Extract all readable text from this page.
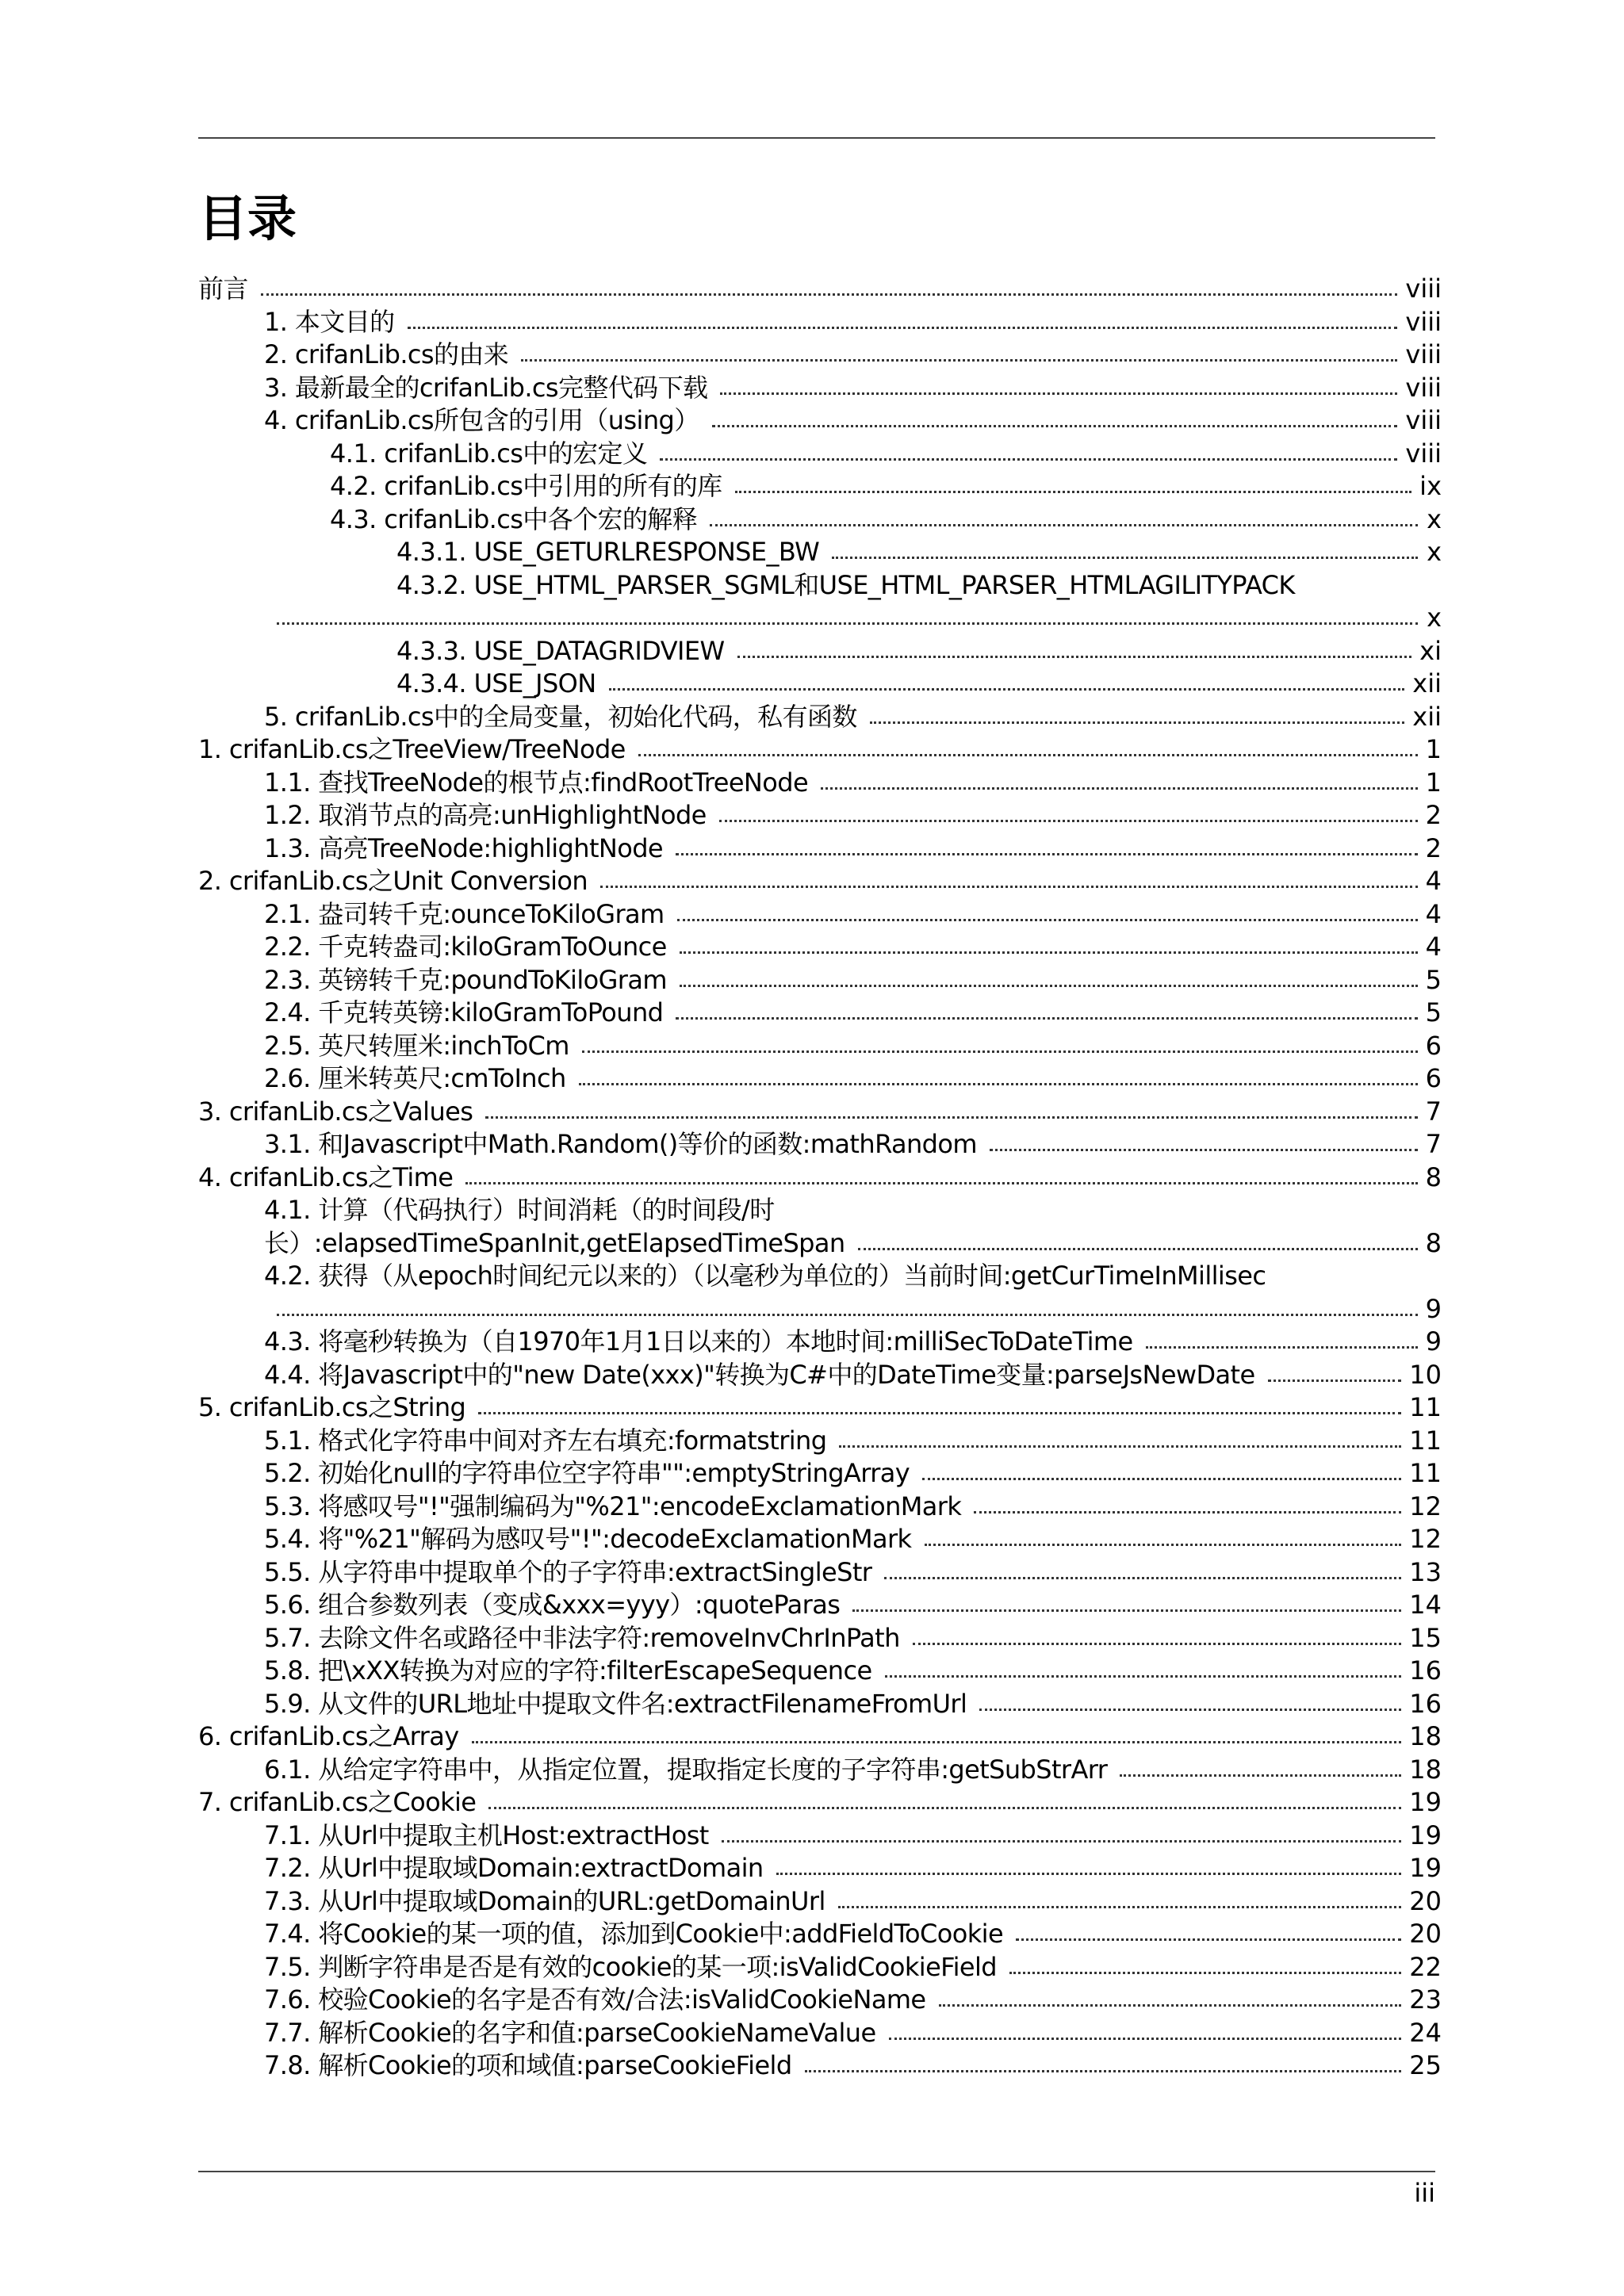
目录
前言	viii
1. 本文目的	viii
2. crifanLib.cs的由来	viii
3. 最新最全的crifanLib.cs完整代码下载	viii
4. crifanLib.cs所包含的引用（using）	viii
4.1. crifanLib.cs中的宏定义	viii
4.2. crifanLib.cs中引用的所有的库	ix
4.3. crifanLib.cs中各个宏的解释	x
4.3.1. USE_GETURLRESPONSE_BW	x
4.3.2. USE_HTML_PARSER_SGML和USE_HTML_PARSER_HTMLAGILITYPACK
x
4.3.3. USE_DATAGRIDVIEW	xi
4.3.4. USE_JSON	xii
5. crifanLib.cs中的全局变量，初始化代码，私有函数	xii
1. crifanLib.cs之TreeView/TreeNode	1
1.1. 查找TreeNode的根节点:findRootTreeNode	1
1.2. 取消节点的高亮:unHighlightNode	2
1.3. 高亮TreeNode:highlightNode	2
2. crifanLib.cs之Unit Conversion	4
2.1. 盎司转千克:ounceToKiloGram	4
2.2. 千克转盎司:kiloGramToOunce	4
2.3. 英镑转千克:poundToKiloGram	5
2.4. 千克转英镑:kiloGramToPound	5
2.5. 英尺转厘米:inchToCm	6
2.6. 厘米转英尺:cmToInch	6
3. crifanLib.cs之Values	7
3.1. 和Javascript中Math.Random()等价的函数:mathRandom	7
4. crifanLib.cs之Time	8
4.1. 计算（代码执行）时间消耗（的时间段/时
长）:elapsedTimeSpanInit,getElapsedTimeSpan	8
4.2. 获得（从epoch时间纪元以来的）（以毫秒为单位的）当前时间:getCurTimeInMillisec
9
4.3. 将毫秒转换为（自1970年1月1日以来的）本地时间:milliSecToDateTime	9
4.4. 将Javascript中的"new Date(xxx)"转换为C#中的DateTime变量:parseJsNewDate	10
5. crifanLib.cs之String	11
5.1. 格式化字符串中间对齐左右填充:formatstring	11
5.2. 初始化null的字符串位空字符串"":emptyStringArray	11
5.3. 将感叹号"!"强制编码为"%21":encodeExclamationMark	12
5.4. 将"%21"解码为感叹号"!":decodeExclamationMark	12
5.5. 从字符串中提取单个的子字符串:extractSingleStr	13
5.6. 组合参数列表（变成&xxx=yyy）:quoteParas	14
5.7. 去除文件名或路径中非法字符:removeInvChrInPath	15
5.8. 把\xXX转换为对应的字符:filterEscapeSequence	16
5.9. 从文件的URL地址中提取文件名:extractFilenameFromUrl	16
6. crifanLib.cs之Array	18
6.1. 从给定字符串中，从指定位置，提取指定长度的子字符串:getSubStrArr	18
7. crifanLib.cs之Cookie	19
7.1. 从Url中提取主机Host:extractHost	19
7.2. 从Url中提取域Domain:extractDomain	19
7.3. 从Url中提取域Domain的URL:getDomainUrl	20
7.4. 将Cookie的某一项的值，添加到Cookie中:addFieldToCookie	20
7.5. 判断字符串是否是有效的cookie的某一项:isValidCookieField	22
7.6. 校验Cookie的名字是否有效/合法:isValidCookieName	23
7.7. 解析Cookie的名字和值:parseCookieNameValue	24
7.8. 解析Cookie的项和域值:parseCookieField	25
iii
